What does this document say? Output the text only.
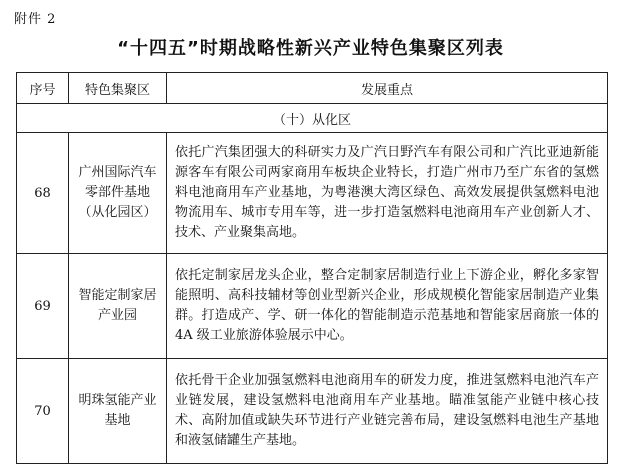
附件 2
“十四五”时期战略性新兴产业特色集聚区列表
序号	特色集聚区	发展重点
（十）从化区		
68	广州国际汽车零部件基地（从化园区）	依托广汽集团强大的科研实力及广汽日野汽车有限公司和广汽比亚迪新能源客车有限公司两家商用车板块企业特长，打造广州市乃至广东省的氢燃料电池商用车产业基地，为粤港澳大湾区绿色、高效发展提供氢燃料电池物流用车、城市专用车等，进一步打造氢燃料电池商用车产业创新人才、技术、产业聚集高地。
69	智能定制家居产业园	依托定制家居龙头企业，整合定制家居制造行业上下游企业，孵化多家智能照明、高科技辅材等创业型新兴企业，形成规模化智能家居制造产业集群。打造成产、学、研一体化的智能制造示范基地和智能家居商旅一体的 4A 级工业旅游体验展示中心。
70	明珠氢能产业基地	依托骨干企业加强氢燃料电池商用车的研发力度，推进氢燃料电池汽车产业链发展，建设氢燃料电池商用车产业基地。瞄准氢能产业链中核心技术、高附加值或缺失环节进行产业链完善布局，建设氢燃料电池生产基地和液氢储罐生产基地。
